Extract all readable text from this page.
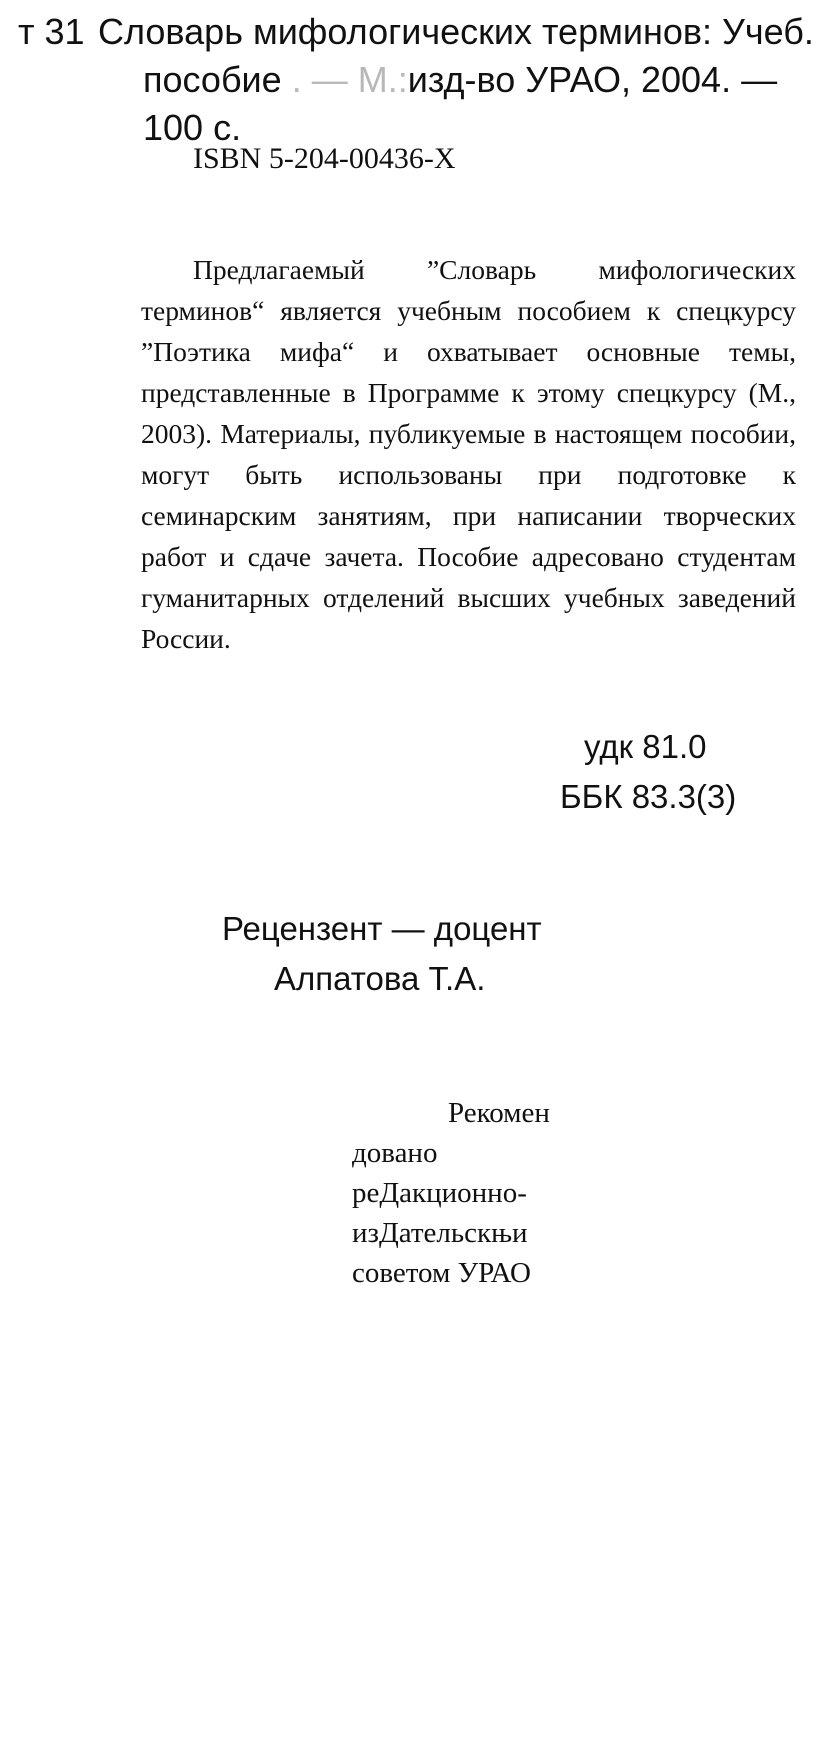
т 31 Словарь мифологических терминов: Учеб.
пособие . — М.:изд-во УРАО, 2004. —
100 с.
ISBN 5-204-00436-Х

Предлагаемый ”Словарь мифологических терминов“ является учебным пособием к спецкурсу ”Поэтика мифа“ и охватывает основные темы, представленные в Программе к этому спецкурсу (М., 2003). Материалы, публикуемые в настоящем пособии, могут быть использованы при подготовке к семинарским занятиям, при написании творческих работ и сдаче зачета. Пособие адресовано студентам гуманитарных отделений высших учебных заведений России.

удк 81.0
ББК 83.3(3)
Рецензент — доцент
Алпатова Т.А.
Рекомен
довано
реДакционно-
изДательскњи
советом УРАО
